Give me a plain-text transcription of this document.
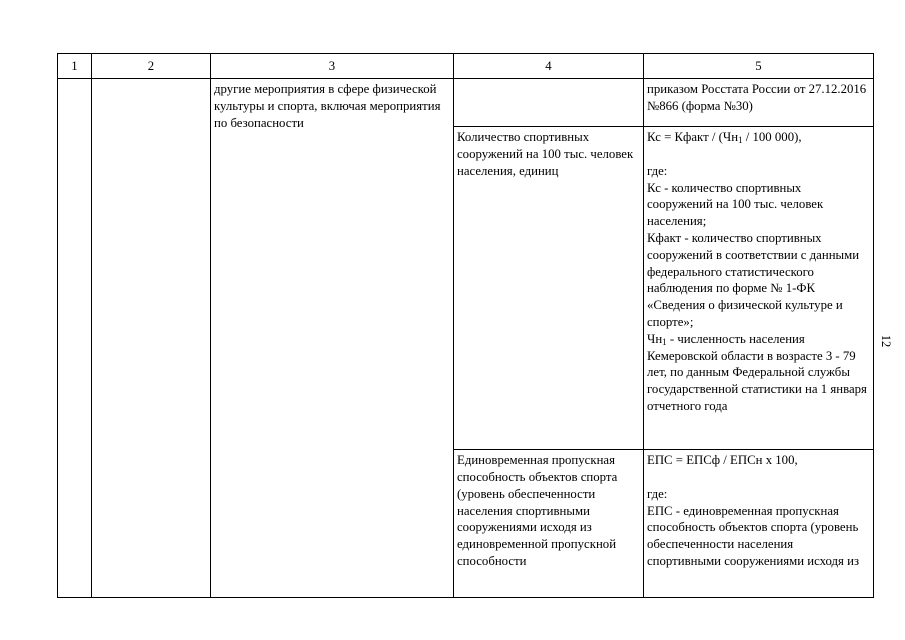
1	2	3	4	5
		другие мероприятия в сфере физической культуры и спорта, включая мероприятия по безопасности		приказом Росстата России от 27.12.2016 №866 (форма №30)
			Количество спортивных сооружений на 100 тыс. человек населения, единиц	Кс = Кфакт / ($Чн_1 / 100$ 000),

где:
Кс - количество спортивных сооружений на 100 тыс. человек населения;
Кфакт - количество спортивных сооружений в соответствии с данными федерального статистического наблюдения по форме № 1-ФК «Сведения о физической культуре и спорте»;
$Чн_1$ - численность населения Кемеровской области в возрасте 3 - 79 лет, по данным Федеральной службы государственной статистики на 1 января отчетного года
			Единовременная пропускная способность объектов спорта (уровень обеспеченности населения спортивными сооружениями исходя из единовременной пропускной способности	ЕПС = ЕПСф / ЕПСн х 100,

где:
ЕПС - единовременная пропускная способность объектов спорта (уровень обеспеченности населения спортивными сооружениями исходя из
12
